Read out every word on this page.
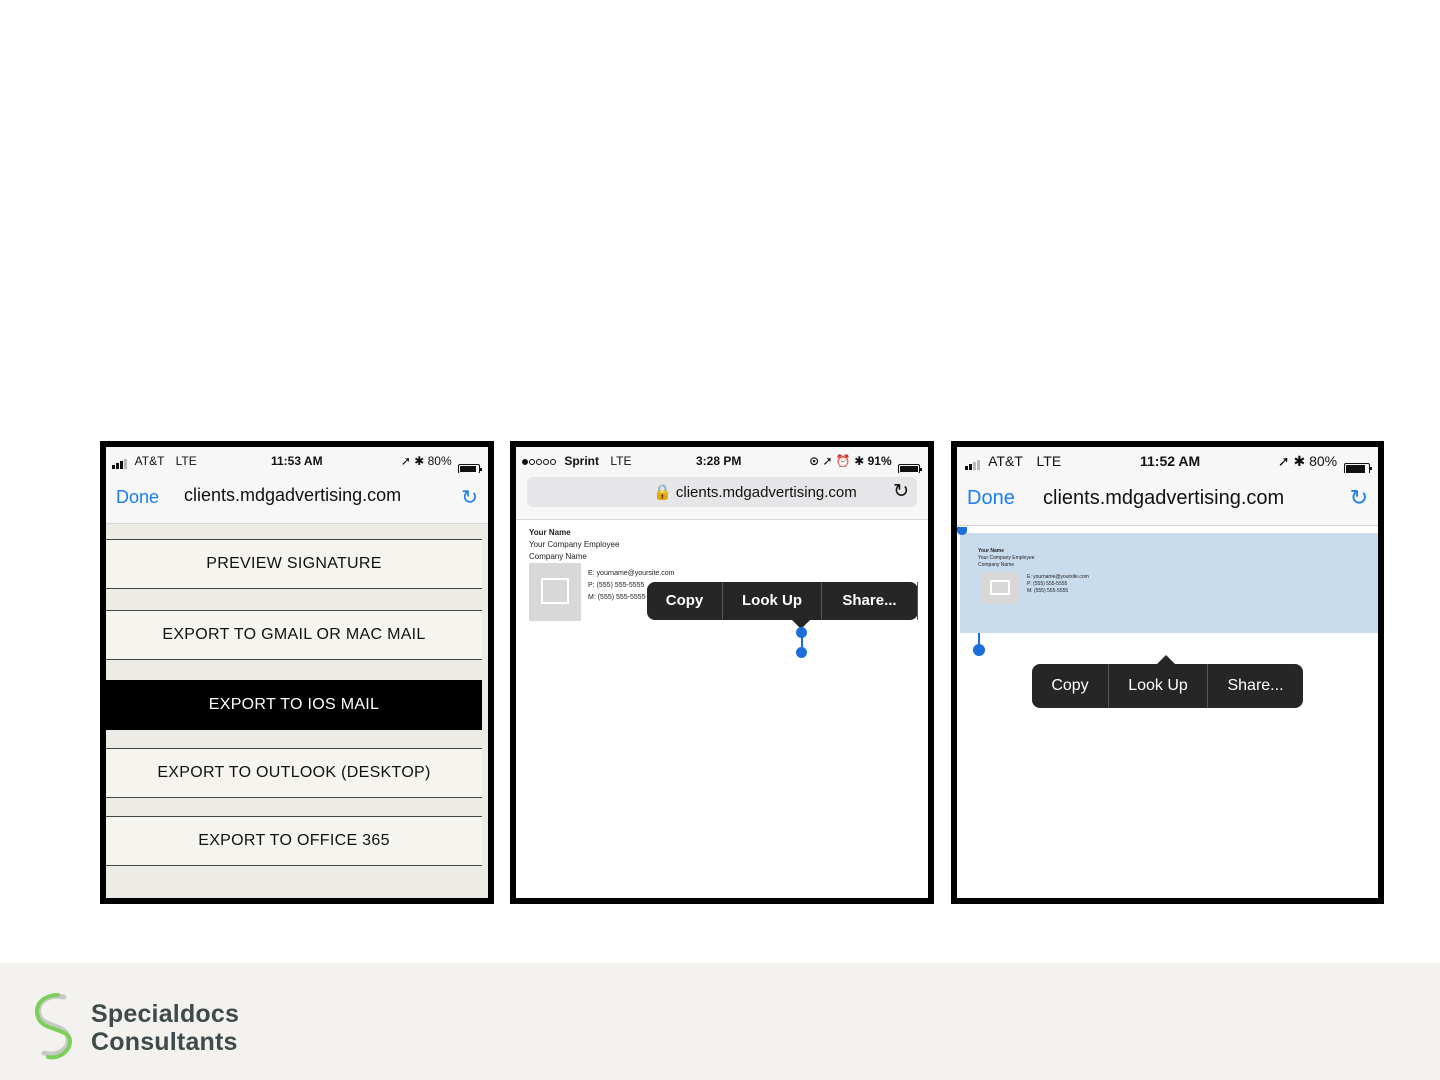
AT&T LTE	11:53 AM	➚ ✱ 80%
Done clients.mdgadvertising.com	↻
PREVIEW SIGNATURE
EXPORT TO GMAIL OR MAC MAIL
EXPORT TO IOS MAIL
EXPORT TO OUTLOOK (DESKTOP)
EXPORT TO OFFICE 365
Sprint LTE	3:28 PM	⊙ ➚ ⏰ ✱ 91%
🔒 clients.mdgadvertising.com ↻
Your Name
Your Company Employee
Company Name
E: yourname@yoursite.com
P: (555) 555-5555
M: (555) 555-5555	Copy	Look Up	Share...
AT&T LTE	11:52 AM	➚ ✱ 80%
Done clients.mdgadvertising.com	↻
Your Name
Your Company Employee
Company Name
E: yourname@yoursite.com
P: (555) 555-5555
M: (555) 555-5555
Copy	Look Up	Share...
Specialdocs
Consultants
